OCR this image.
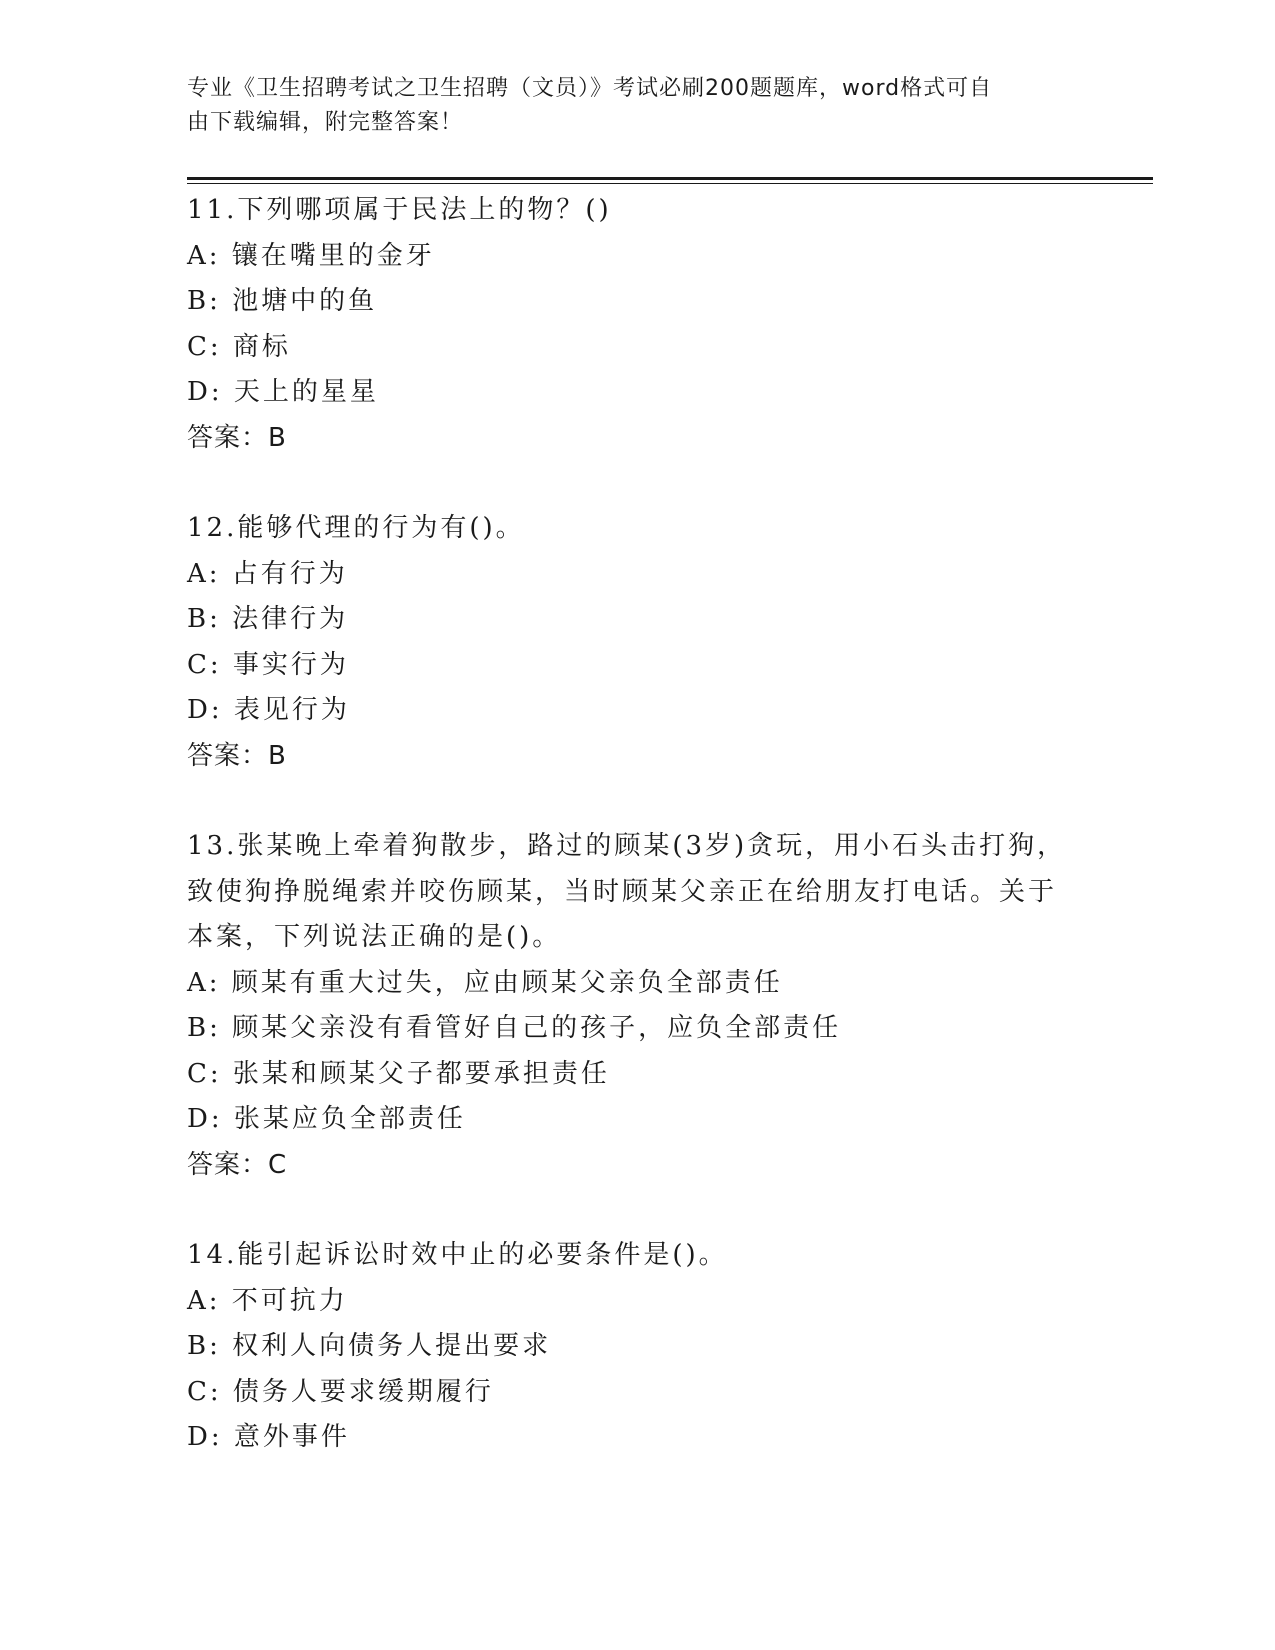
专业《卫生招聘考试之卫生招聘（文员）》考试必刷200题题库，word格式可自
由下载编辑，附完整答案！
11.下列哪项属于民法上的物？()
A: 镶在嘴里的金牙
B: 池塘中的鱼
C: 商标
D: 天上的星星
答案：B
12.能够代理的行为有()。
A: 占有行为
B: 法律行为
C: 事实行为
D: 表见行为
答案：B
13.张某晚上牵着狗散步，路过的顾某(3岁)贪玩，用小石头击打狗，
致使狗挣脱绳索并咬伤顾某，当时顾某父亲正在给朋友打电话。关于
本案，下列说法正确的是()。
A: 顾某有重大过失，应由顾某父亲负全部责任
B: 顾某父亲没有看管好自己的孩子，应负全部责任
C: 张某和顾某父子都要承担责任
D: 张某应负全部责任
答案：C
14.能引起诉讼时效中止的必要条件是()。
A: 不可抗力
B: 权利人向债务人提出要求
C: 债务人要求缓期履行
D: 意外事件
